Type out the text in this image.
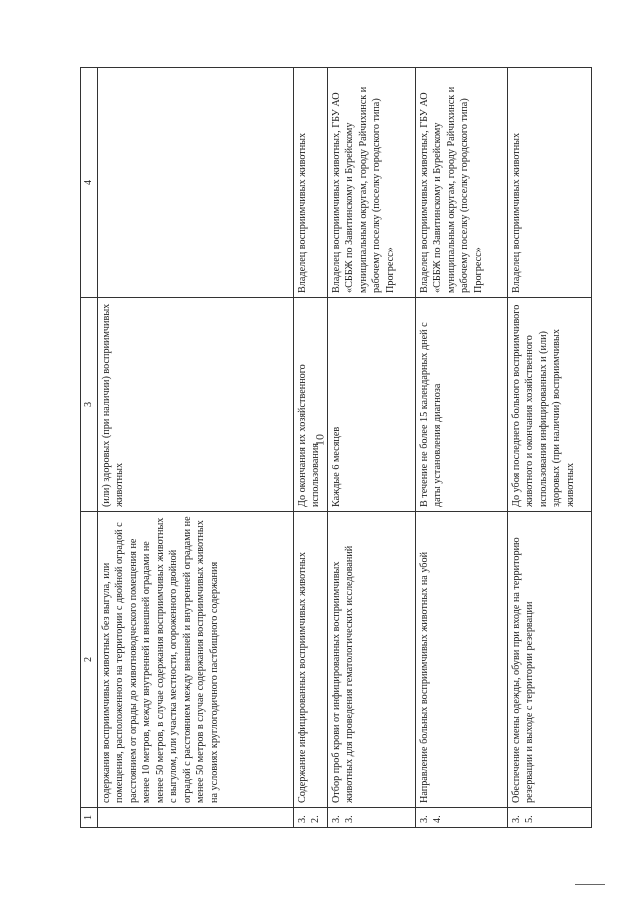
10
1	2	3	4
	содержания восприимчивых животных без выгула, или помещения, расположенного на территории с двойной оградой с расстоянием от ограды до животноводческого помещения не менее 10 метров, между внутренней и внешней оградами не менее 50 метров, в случае содержания восприимчивых животных с выгулом, или участка местности, огороженного двойной оградой с расстоянием между внешней и внутренней оградами не менее 50 метров в случае содержания восприимчивых животных на условиях круглогодичного пастбищного содержания	(или) здоровых (при наличии) восприимчивых животных	
3.2.	Содержание инфицированных восприимчивых животных	До окончания их хозяйственного использования	Владелец восприимчивых животных
3.3.	Отбор проб крови от инфицированных восприимчивых животных для проведения гематологических исследований	Каждые 6 месяцев	Владелец восприимчивых животных, ГБУ АО «СББЖ по Завитинскому и Бурейскому муниципальным округам, городу Райчихинск и рабочему поселку (поселку городского типа) Прогресс»
3.4.	Направление больных восприимчивых животных на убой	В течение не более 15 календарных дней с даты установления диагноза	Владелец восприимчивых животных, ГБУ АО «СББЖ по Завитинскому и Бурейскому муниципальным округам, городу Райчихинск и рабочему поселку (поселку городского типа) Прогресс»
3.5.	Обеспечение смены одежды, обуви при входе на территорию резервации и выходе с территории резервации	До убоя последнего больного восприимчивого животного и окончания хозяйственного использования инфицированных и (или) здоровых (при наличии) восприимчивых животных	Владелец восприимчивых животных
